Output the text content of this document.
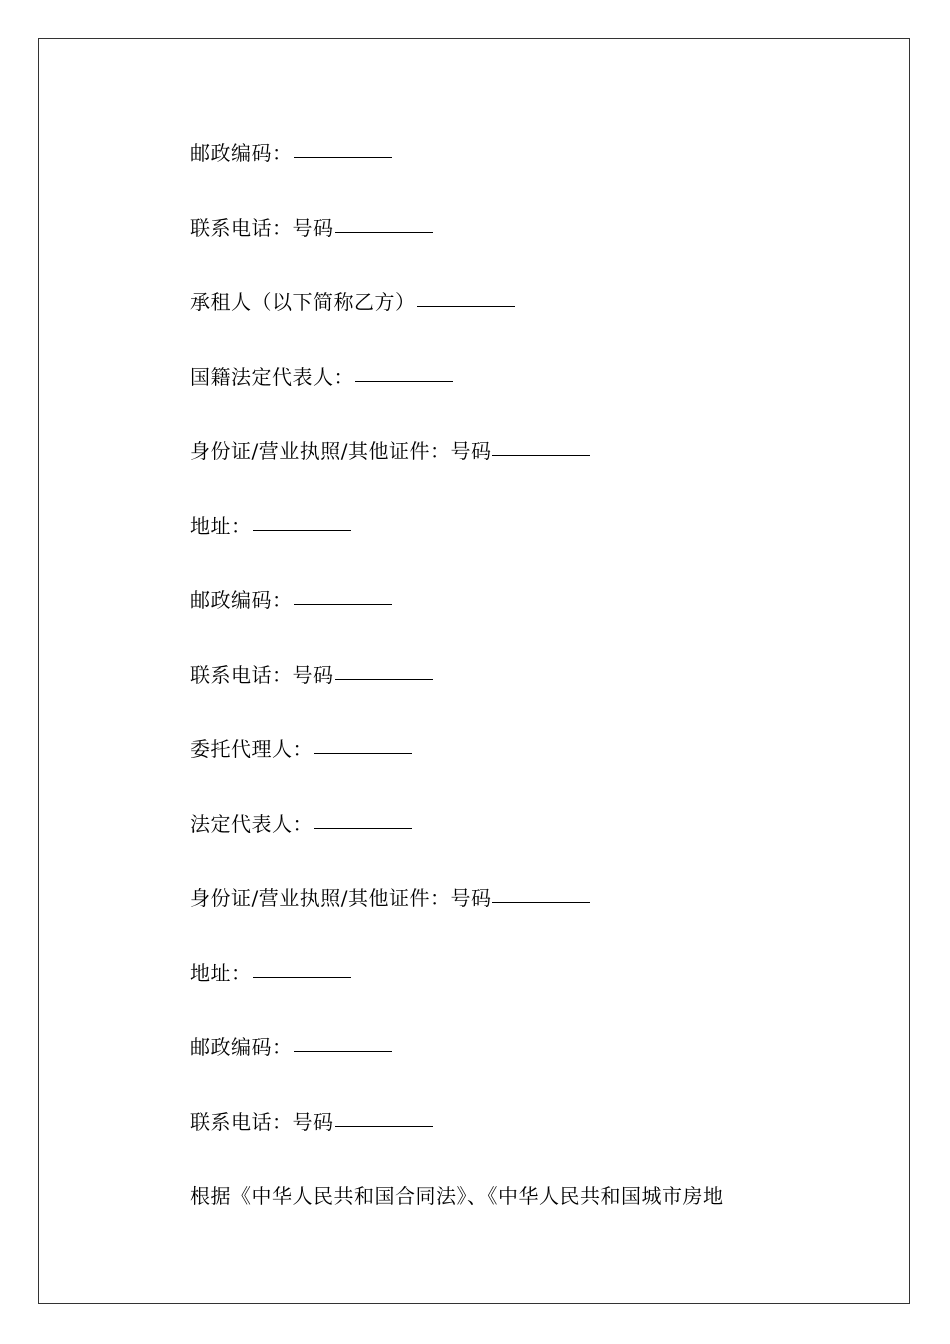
邮政编码：
联系电话：号码
承租人（以下简称乙方）
国籍法定代表人：
身份证/营业执照/其他证件：号码
地址：
邮政编码：
联系电话：号码
委托代理人：
法定代表人：
身份证/营业执照/其他证件：号码
地址：
邮政编码：
联系电话：号码
根据《中华人民共和国合同法》、《中华人民共和国城市房地
